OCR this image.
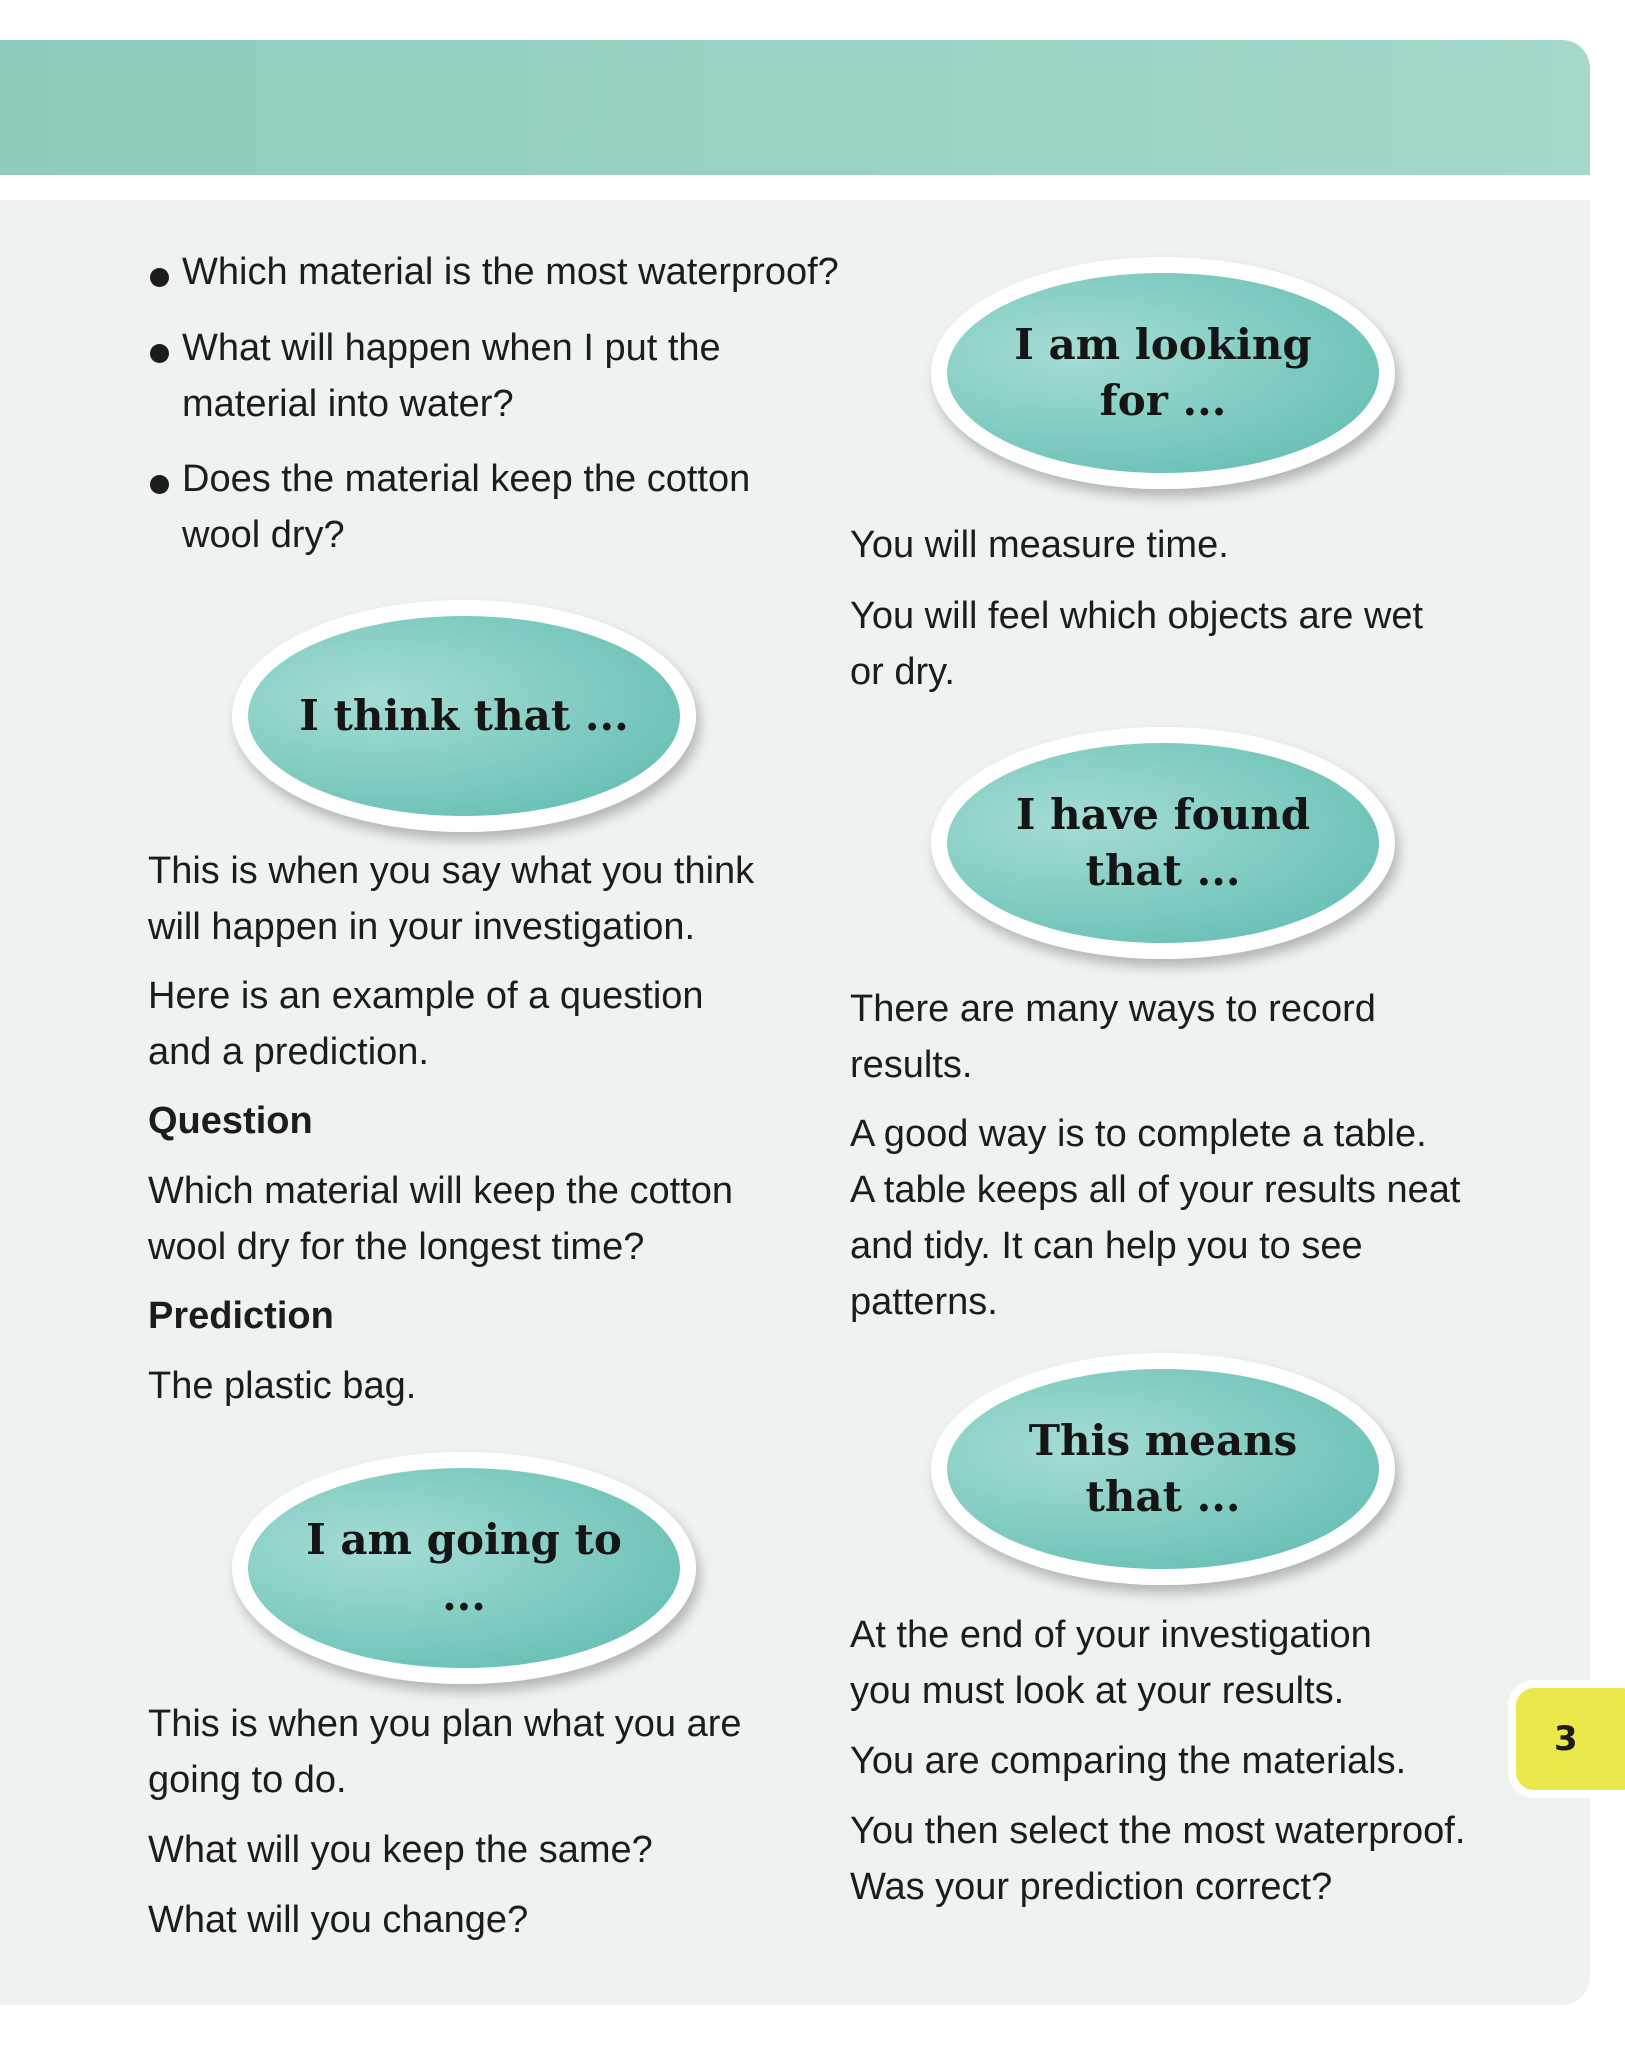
Which material is the most waterproof?

What will happen when I put the

material into water?

Does the material keep the cotton

wool dry?

I think that ...

This is when you say what you think

will happen in your investigation.

Here is an example of a question

and a prediction.

Question

Which material will keep the cotton

wool dry for the longest time?

Prediction

The plastic bag.

I am going to ...

This is when you plan what you are

going to do.

What will you keep the same?

What will you change?

I am looking
for ...

You will measure time.

You will feel which objects are wet

or dry.

I have found
that ...

There are many ways to record

results.

A good way is to complete a table.

A table keeps all of your results neat

and tidy. It can help you to see

patterns.

This means
that ...

At the end of your investigation

you must look at your results.

You are comparing the materials.

You then select the most waterproof.

Was your prediction correct?

3
